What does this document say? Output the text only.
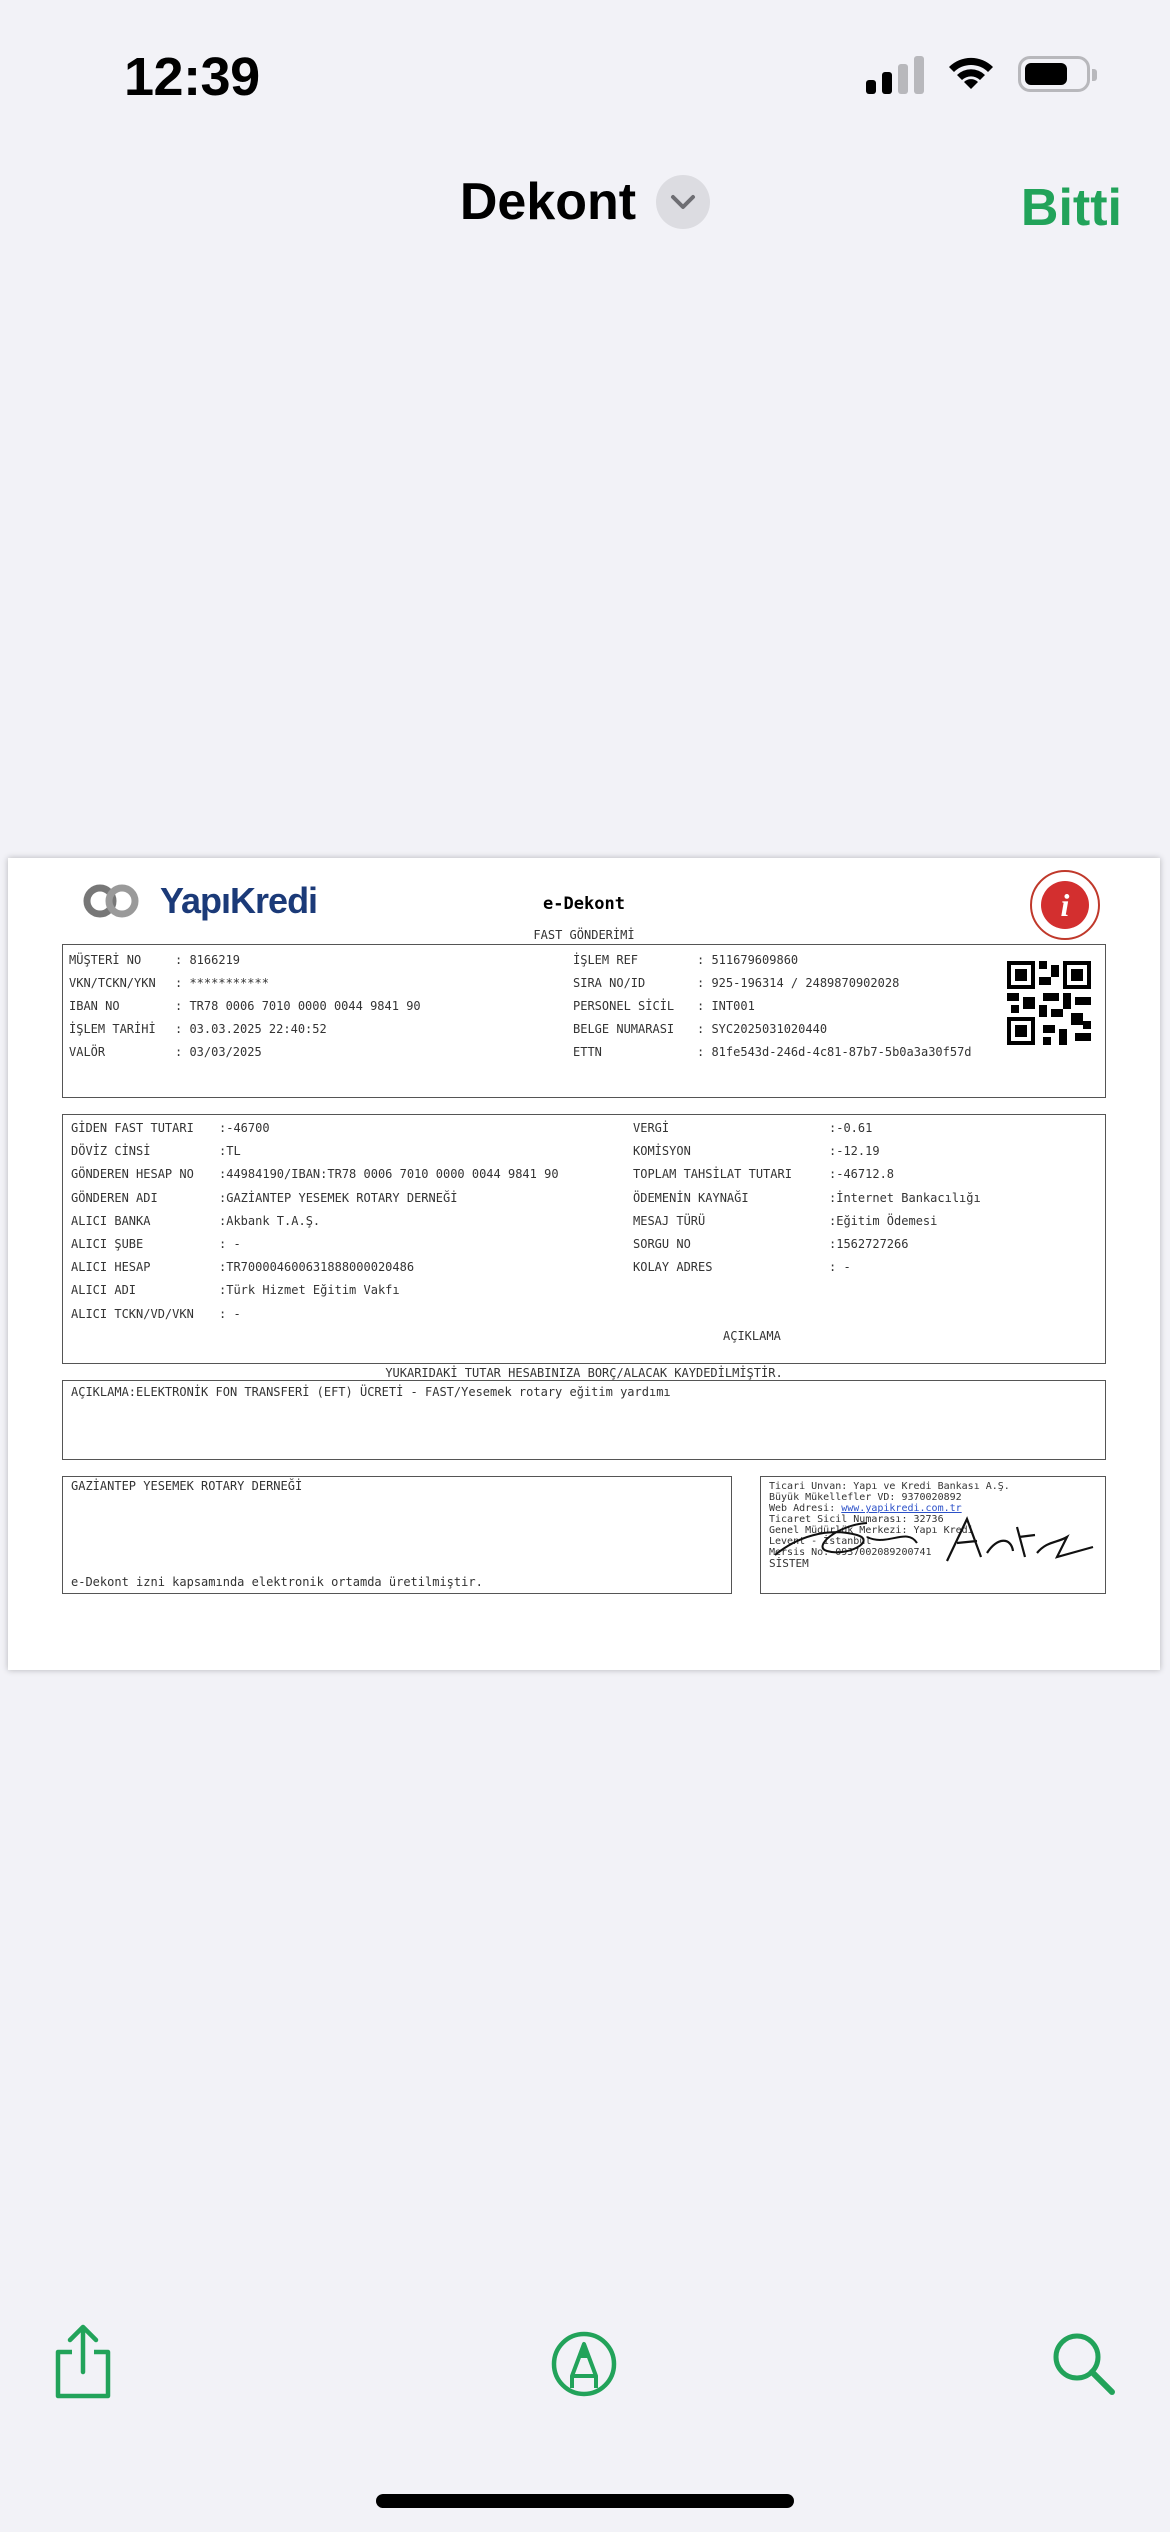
12:39
Dekont	Bitti
YapıKredi	e-Dekont
FAST GÖNDERİMİ
i
MÜŞTERİ NO	: 8166219
VKN/TCKN/YKN : ***********
IBAN NO	: TR78 0006 7010 0000 0044 9841 90
İŞLEM TARİHİ : 03.03.2025 22:40:52
VALÖR	: 03/03/2025
İŞLEM REF	: 511679609860
SIRA NO/ID	: 925-196314 / 2489870902028
PERSONEL SİCİL : INT001
BELGE NUMARASI : SYC2025031020440
ETTN	: 81fe543d-246d-4c81-87b7-5b0a3a30f57d
GİDEN FAST TUTARI :-46700
DÖVİZ CİNSİ	:TL
GÖNDEREN HESAP NO :44984190/IBAN:TR78 0006 7010 0000 0044 9841 90
GÖNDEREN ADI	:GAZİANTEP YESEMEK ROTARY DERNEĞİ
ALICI BANKA	:Akbank T.A.Ş.
ALICI ŞUBE	: -
ALICI HESAP	:TR700004600631888000020486
ALICI ADI	:Türk Hizmet Eğitim Vakfı
ALICI TCKN/VD/VKN : -
VERGİ	:-0.61
KOMİSYON	:-12.19
TOPLAM TAHSİLAT TUTARI	:-46712.8
ÖDEMENİN KAYNAĞI	:İnternet Bankacılığı
MESAJ TÜRÜ	:Eğitim Ödemesi
SORGU NO	:1562727266
KOLAY ADRES	: -
AÇIKLAMA
YUKARIDAKİ TUTAR HESABINIZA BORÇ/ALACAK KAYDEDİLMİŞTİR.
AÇIKLAMA:ELEKTRONİK FON TRANSFERİ (EFT) ÜCRETİ - FAST/Yesemek rotary eğitim yardımı
GAZİANTEP YESEMEK ROTARY DERNEĞİ
e-Dekont izni kapsamında elektronik ortamda üretilmiştir.
Ticari Unvan: Yapı ve Kredi Bankası A.Ş.
Büyük Mükellefler VD: 9370020892
Web Adresi: www.yapikredi.com.tr
Ticaret Sicil Numarası: 32736
Genel Müdürlük Merkezi: Yapı Kredi
Levent - İstanbul
Mersis No: 0937002089200741
SİSTEM
